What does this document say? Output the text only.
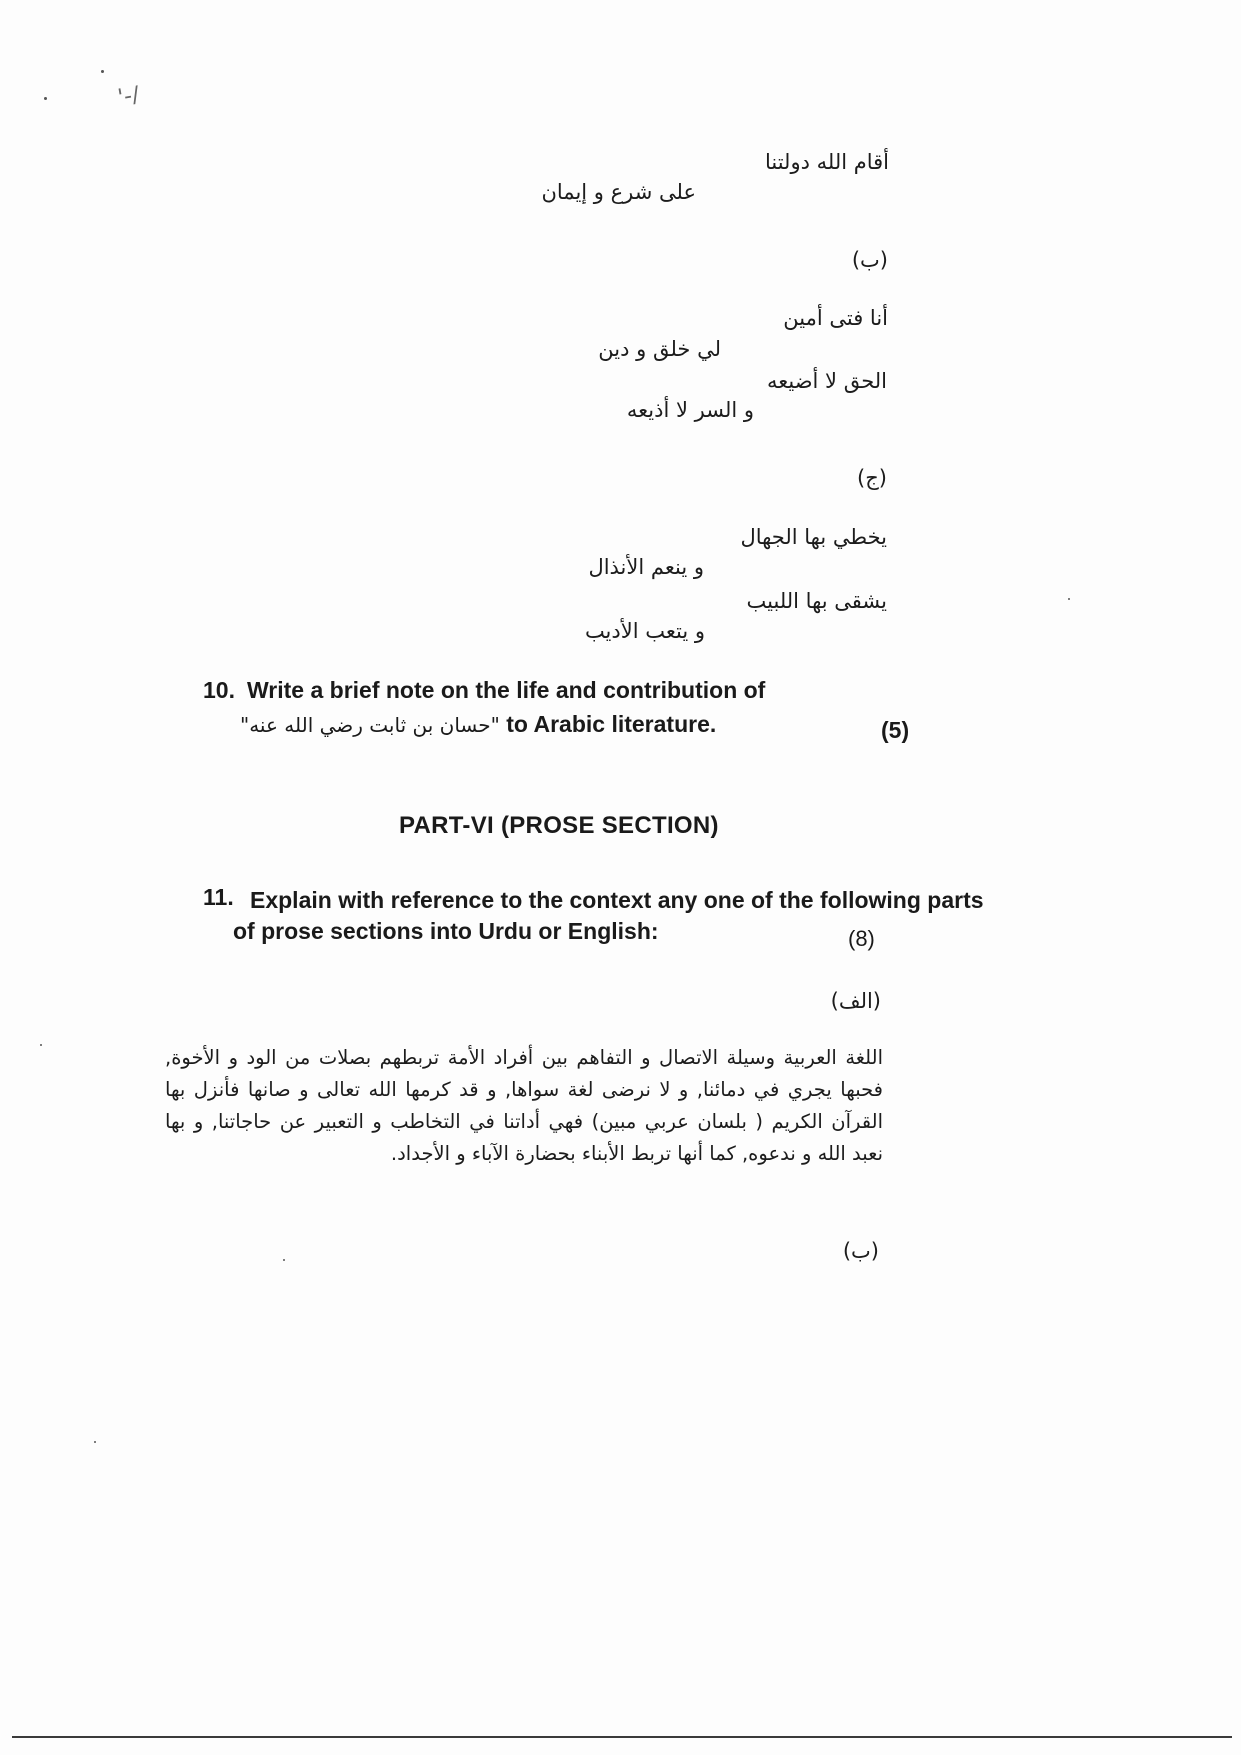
'-/
أقام الله دولتنا
على شرع و إيمان
(ب)
أنا فتى أمين
لي خلق و دين
الحق لا أضيعه
و السر لا أذيعه
(ج)
يخطي بها الجهال
و ينعم الأنذال
يشقى بها اللبيب
و يتعب الأديب
10. Write a brief note on the life and contribution of
"حسان بن ثابت رضي الله عنه" to Arabic literature.	(5)
PART-VI (PROSE SECTION)
11. Explain with reference to the context any one of the following parts
of prose sections into Urdu or English:	(8)
(الف)
اللغة العربية وسيلة الاتصال و التفاهم بين أفراد الأمة تربطهم بصلات من الود و الأخوة, فحبها يجري في دمائنا, و لا نرضى لغة سواها, و قد كرمها الله تعالى و صانها فأنزل بها القرآن الكريم ( بلسان عربي مبين) فهي أداتنا في التخاطب و التعبير عن حاجاتنا, و بها نعبد الله و ندعوه, كما أنها تربط الأبناء بحضارة الآباء و الأجداد.
(ب)
